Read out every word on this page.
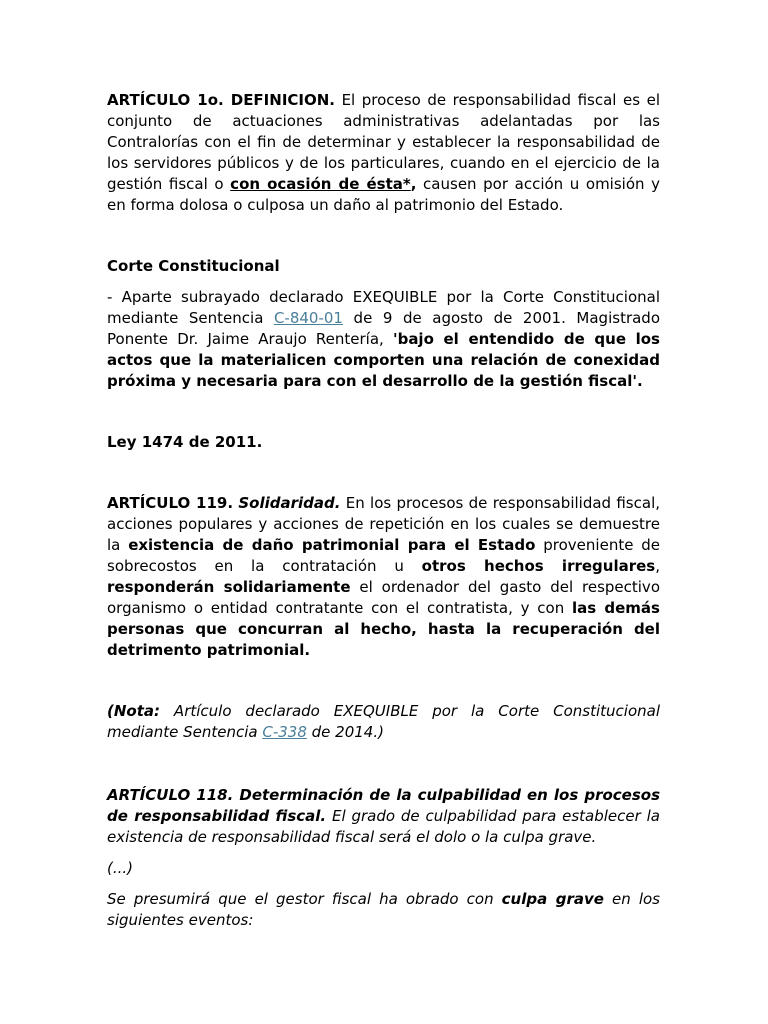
ARTÍCULO 1o. DEFINICION. El proceso de responsabilidad fiscal es el conjunto de actuaciones administrativas adelantadas por las Contralorías con el fin de determinar y establecer la responsabilidad de los servidores públicos y de los particulares, cuando en el ejercicio de la gestión fiscal o con ocasión de ésta*, causen por acción u omisión y en forma dolosa o culposa un daño al patrimonio del Estado.

Corte Constitucional

- Aparte subrayado declarado EXEQUIBLE por la Corte Constitucional mediante Sentencia C-840-01 de 9 de agosto de 2001. Magistrado Ponente Dr. Jaime Araujo Rentería, 'bajo el entendido de que los actos que la materialicen comporten una relación de conexidad próxima y necesaria para con el desarrollo de la gestión fiscal'.

Ley 1474 de 2011.

ARTÍCULO 119. Solidaridad. En los procesos de responsabilidad fiscal, acciones populares y acciones de repetición en los cuales se demuestre la existencia de daño patrimonial para el Estado proveniente de sobrecostos en la contratación u otros hechos irregulares, responderán solidariamente el ordenador del gasto del respectivo organismo o entidad contratante con el contratista, y con las demás personas que concurran al hecho, hasta la recuperación del detrimento patrimonial.

(Nota: Artículo declarado EXEQUIBLE por la Corte Constitucional mediante Sentencia C-338 de 2014.)

ARTÍCULO 118. Determinación de la culpabilidad en los procesos de responsabilidad fiscal. El grado de culpabilidad para establecer la existencia de responsabilidad fiscal será el dolo o la culpa grave.

(...)

Se presumirá que el gestor fiscal ha obrado con culpa grave en los siguientes eventos:
